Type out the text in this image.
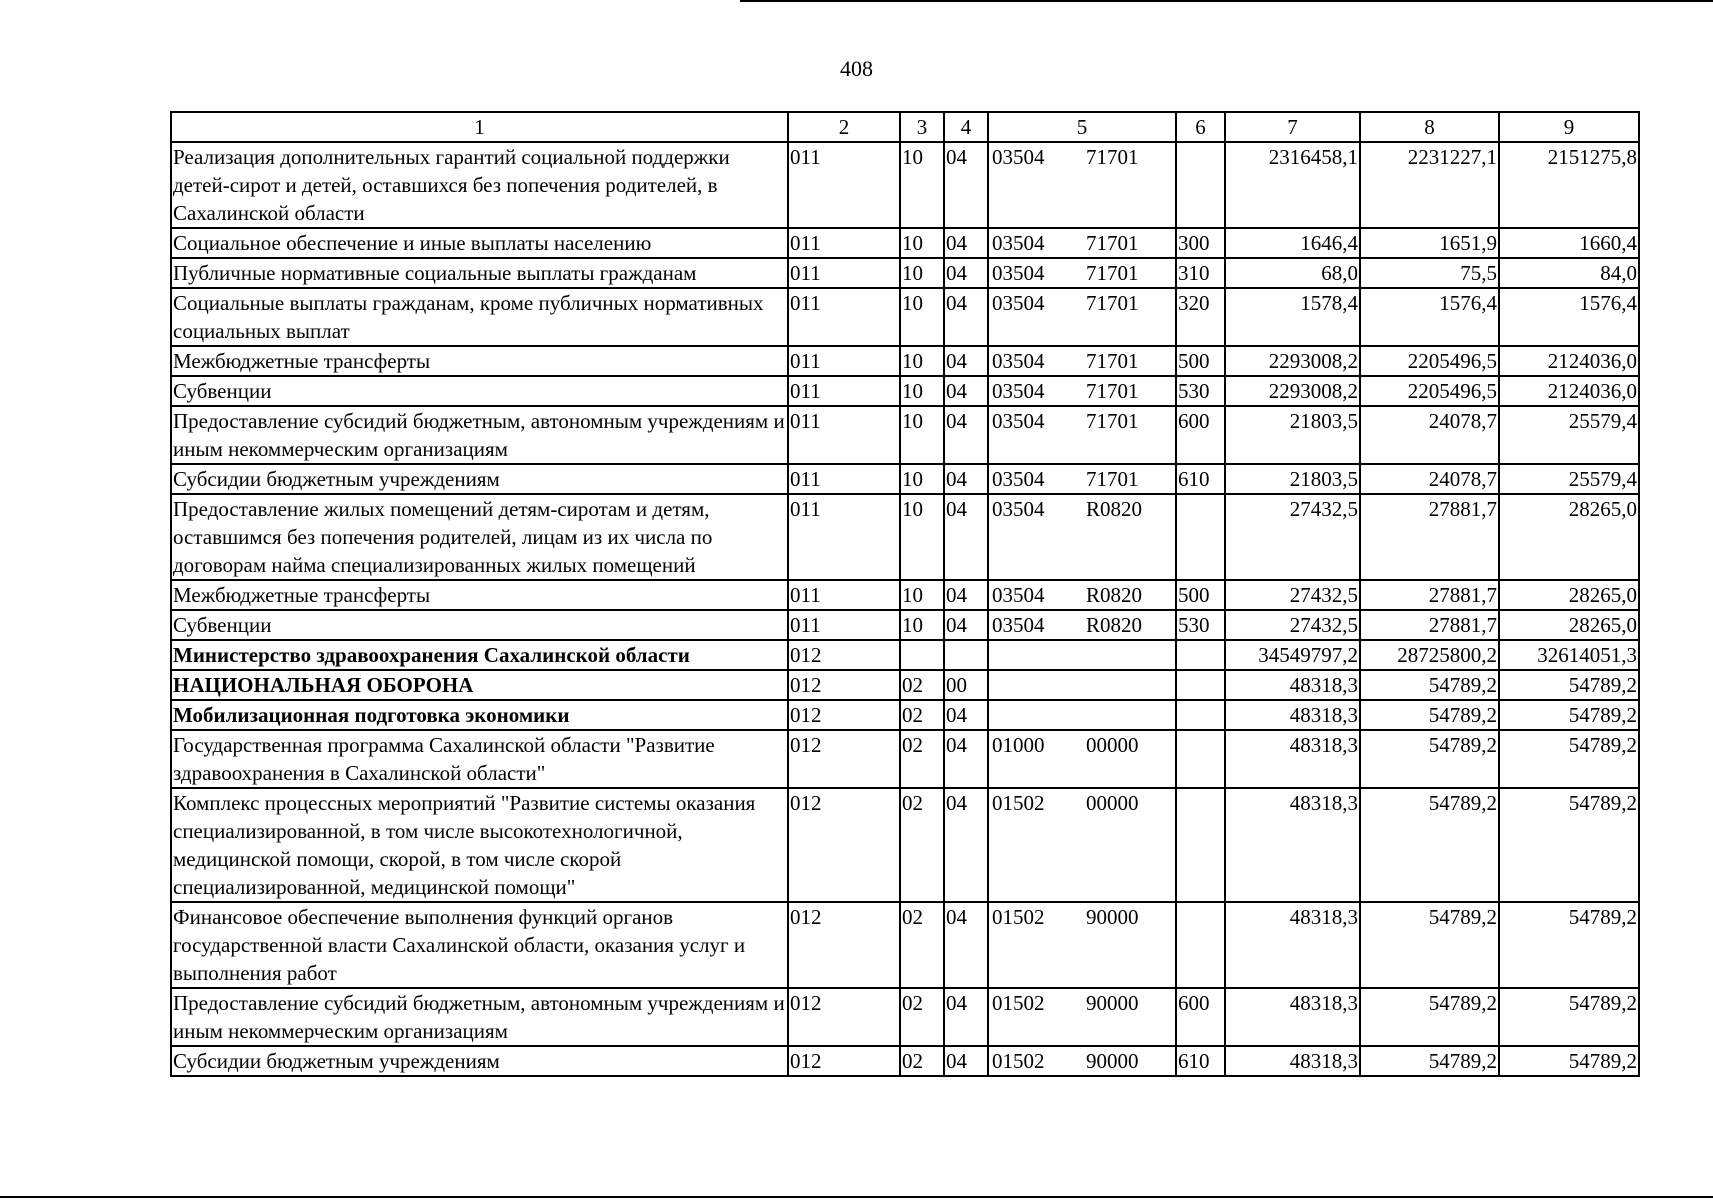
408
1	2	3	4	5	6	7	8	9
Реализация дополнительных гарантий социальной поддержки детей-сирот и детей, оставшихся без попечения родителей, в Сахалинской области	011	10	04	03504 71701		2316458,1	2231227,1	2151275,8
Социальное обеспечение и иные выплаты населению	011	10	04	03504 71701	300	1646,4	1651,9	1660,4
Публичные нормативные социальные выплаты гражданам	011	10	04	03504 71701	310	68,0	75,5	84,0
Социальные выплаты гражданам, кроме публичных нормативных социальных выплат	011	10	04	03504 71701	320	1578,4	1576,4	1576,4
Межбюджетные трансферты	011	10	04	03504 71701	500	2293008,2	2205496,5	2124036,0
Субвенции	011	10	04	03504 71701	530	2293008,2	2205496,5	2124036,0
Предоставление субсидий бюджетным, автономным учреждениям и иным некоммерческим организациям	011	10	04	03504 71701	600	21803,5	24078,7	25579,4
Субсидии бюджетным учреждениям	011	10	04	03504 71701	610	21803,5	24078,7	25579,4
Предоставление жилых помещений детям-сиротам и детям, оставшимся без попечения родителей, лицам из их числа по договорам найма специализированных жилых помещений	011	10	04	03504 R0820		27432,5	27881,7	28265,0
Межбюджетные трансферты	011	10	04	03504 R0820	500	27432,5	27881,7	28265,0
Субвенции	011	10	04	03504 R0820	530	27432,5	27881,7	28265,0
Министерство здравоохранения Сахалинской области	012					34549797,2	28725800,2	32614051,3
НАЦИОНАЛЬНАЯ ОБОРОНА	012	02	00			48318,3	54789,2	54789,2
Мобилизационная подготовка экономики	012	02	04			48318,3	54789,2	54789,2
Государственная программа Сахалинской области "Развитие здравоохранения в Сахалинской области"	012	02	04	01000 00000		48318,3	54789,2	54789,2
Комплекс процессных мероприятий "Развитие системы оказания специализированной, в том числе высокотехнологичной, медицинской помощи, скорой, в том числе скорой специализированной, медицинской помощи"	012	02	04	01502 00000		48318,3	54789,2	54789,2
Финансовое обеспечение выполнения функций органов государственной власти Сахалинской области, оказания услуг и выполнения работ	012	02	04	01502 90000		48318,3	54789,2	54789,2
Предоставление субсидий бюджетным, автономным учреждениям и иным некоммерческим организациям	012	02	04	01502 90000	600	48318,3	54789,2	54789,2
Субсидии бюджетным учреждениям	012	02	04	01502 90000	610	48318,3	54789,2	54789,2
